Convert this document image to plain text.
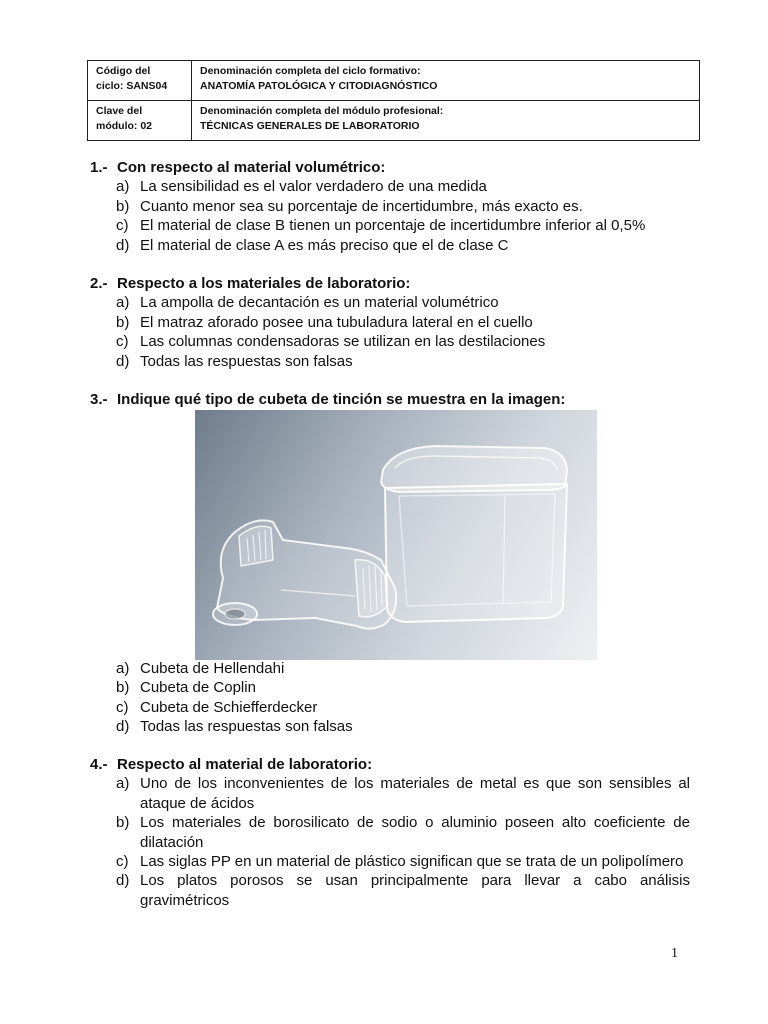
Código del
ciclo: SANS04	Denominación completa del ciclo formativo:
ANATOMÍA PATOLÓGICA Y CITODIAGNÓSTICO

Clave del
módulo: 02	Denominación completa del módulo profesional:
TÉCNICAS GENERALES DE LABORATORIO
1.- Con respecto al material volumétrico:
a) La sensibilidad es el valor verdadero de una medida
b) Cuanto menor sea su porcentaje de incertidumbre, más exacto es.
c) El material de clase B tienen un porcentaje de incertidumbre inferior al 0,5%
d) El material de clase A es más preciso que el de clase C
2.- Respecto a los materiales de laboratorio:
a) La ampolla de decantación es un material volumétrico
b) El matraz aforado posee una tubuladura lateral en el cuello
c) Las columnas condensadoras se utilizan en las destilaciones
d) Todas las respuestas son falsas
3.- Indique qué tipo de cubeta de tinción se muestra en la imagen:
a) Cubeta de Hellendahi
b) Cubeta de Coplin
c) Cubeta de Schiefferdecker
d) Todas las respuestas son falsas
4.- Respecto al material de laboratorio:
a) Uno de los inconvenientes de los materiales de metal es que son sensibles al ataque de ácidos
b) Los materiales de borosilicato de sodio o aluminio poseen alto coeficiente de dilatación
c) Las siglas PP en un material de plástico significan que se trata de un polipolímero
d) Los platos porosos se usan principalmente para llevar a cabo análisis gravimétricos
1
